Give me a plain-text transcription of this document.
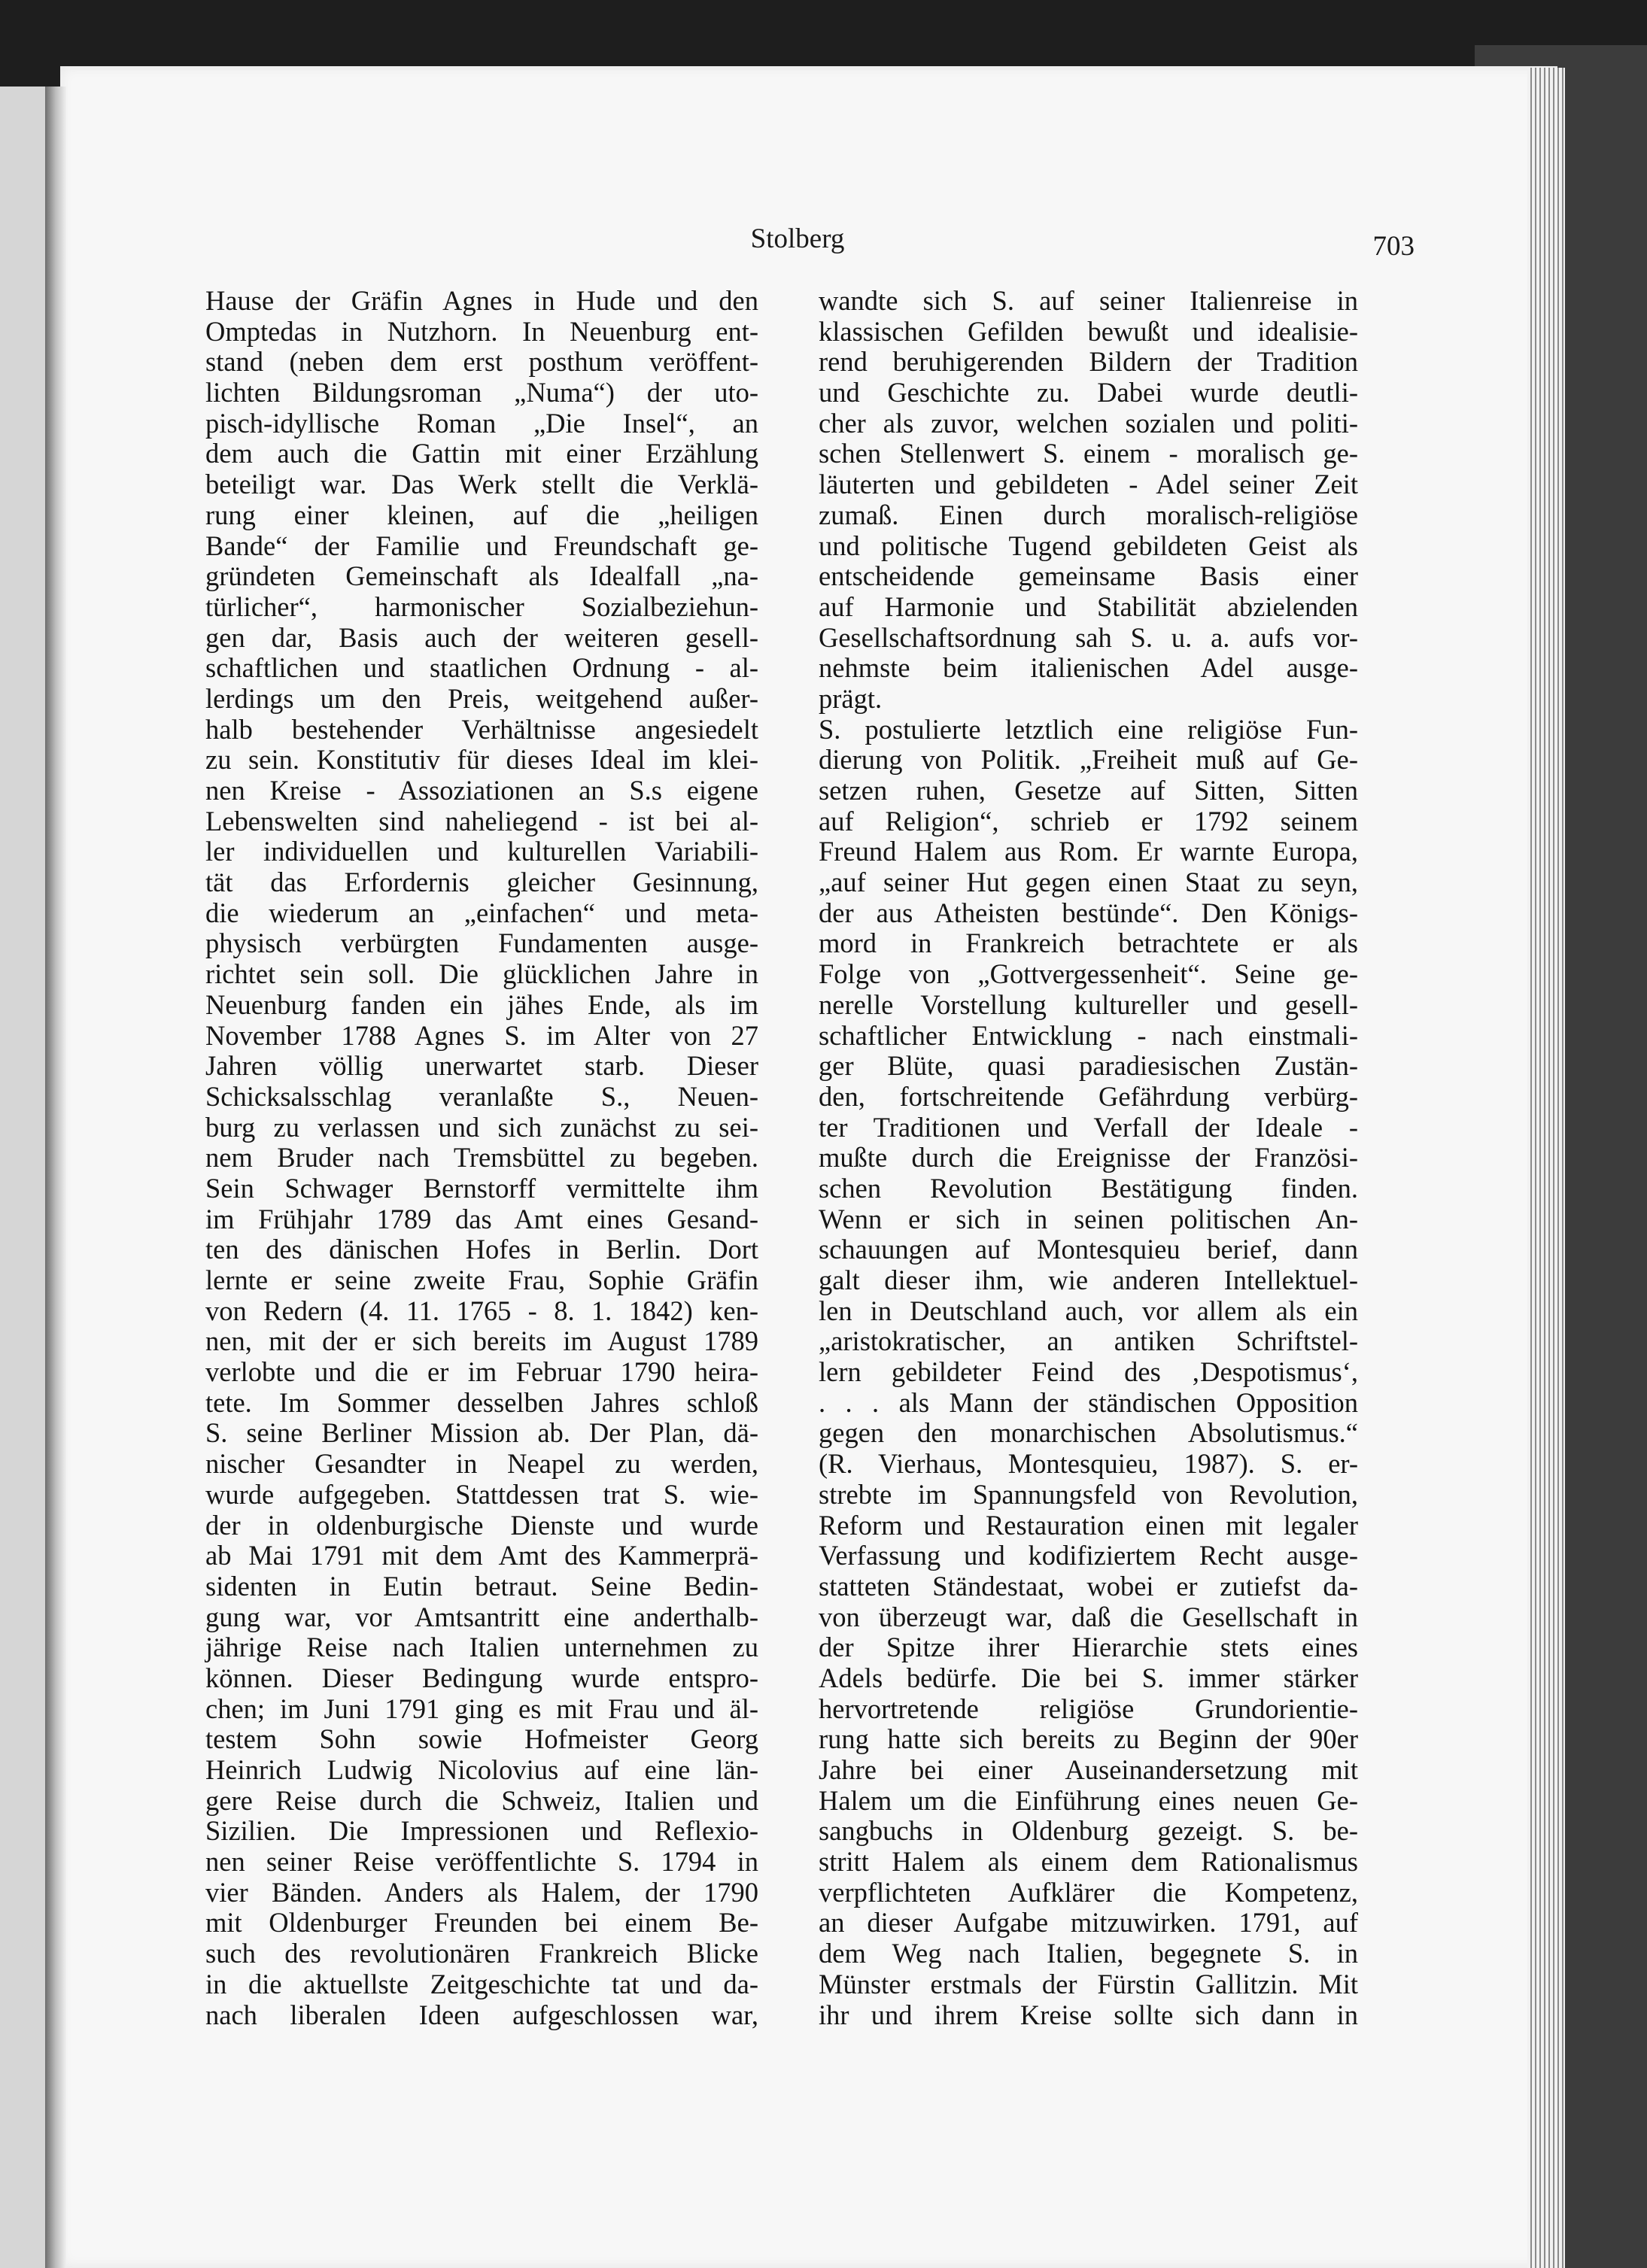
Stolberg	703
Hause der Gräfin Agnes in Hude und den
Omptedas in Nutzhorn. In Neuenburg ent-
stand (neben dem erst posthum veröffent-
lichten Bildungsroman „Numa“) der uto-
pisch-idyllische Roman „Die Insel“, an
dem auch die Gattin mit einer Erzählung
beteiligt war. Das Werk stellt die Verklä-
rung einer kleinen, auf die „heiligen
Bande“ der Familie und Freundschaft ge-
gründeten Gemeinschaft als Idealfall „na-
türlicher“, harmonischer Sozialbeziehun-
gen dar, Basis auch der weiteren gesell-
schaftlichen und staatlichen Ordnung - al-
lerdings um den Preis, weitgehend außer-
halb bestehender Verhältnisse angesiedelt
zu sein. Konstitutiv für dieses Ideal im klei-
nen Kreise - Assoziationen an S.s eigene
Lebenswelten sind naheliegend - ist bei al-
ler individuellen und kulturellen Variabili-
tät das Erfordernis gleicher Gesinnung,
die wiederum an „einfachen“ und meta-
physisch verbürgten Fundamenten ausge-
richtet sein soll. Die glücklichen Jahre in
Neuenburg fanden ein jähes Ende, als im
November 1788 Agnes S. im Alter von 27
Jahren völlig unerwartet starb. Dieser
Schicksalsschlag veranlaßte S., Neuen-
burg zu verlassen und sich zunächst zu sei-
nem Bruder nach Tremsbüttel zu begeben.
Sein Schwager Bernstorff vermittelte ihm
im Frühjahr 1789 das Amt eines Gesand-
ten des dänischen Hofes in Berlin. Dort
lernte er seine zweite Frau, Sophie Gräfin
von Redern (4. 11. 1765 - 8. 1. 1842) ken-
nen, mit der er sich bereits im August 1789
verlobte und die er im Februar 1790 heira-
tete. Im Sommer desselben Jahres schloß
S. seine Berliner Mission ab. Der Plan, dä-
nischer Gesandter in Neapel zu werden,
wurde aufgegeben. Stattdessen trat S. wie-
der in oldenburgische Dienste und wurde
ab Mai 1791 mit dem Amt des Kammerprä-
sidenten in Eutin betraut. Seine Bedin-
gung war, vor Amtsantritt eine anderthalb-
jährige Reise nach Italien unternehmen zu
können. Dieser Bedingung wurde entspro-
chen; im Juni 1791 ging es mit Frau und äl-
testem Sohn sowie Hofmeister Georg
Heinrich Ludwig Nicolovius auf eine län-
gere Reise durch die Schweiz, Italien und
Sizilien. Die Impressionen und Reflexio-
nen seiner Reise veröffentlichte S. 1794 in
vier Bänden. Anders als Halem, der 1790
mit Oldenburger Freunden bei einem Be-
such des revolutionären Frankreich Blicke
in die aktuellste Zeitgeschichte tat und da-
nach liberalen Ideen aufgeschlossen war,
wandte sich S. auf seiner Italienreise in
klassischen Gefilden bewußt und idealisie-
rend beruhigerenden Bildern der Tradition
und Geschichte zu. Dabei wurde deutli-
cher als zuvor, welchen sozialen und politi-
schen Stellenwert S. einem - moralisch ge-
läuterten und gebildeten - Adel seiner Zeit
zumaß. Einen durch moralisch-religiöse
und politische Tugend gebildeten Geist als
entscheidende gemeinsame Basis einer
auf Harmonie und Stabilität abzielenden
Gesellschaftsordnung sah S. u. a. aufs vor-
nehmste beim italienischen Adel ausge-
prägt.
S. postulierte letztlich eine religiöse Fun-
dierung von Politik. „Freiheit muß auf Ge-
setzen ruhen, Gesetze auf Sitten, Sitten
auf Religion“, schrieb er 1792 seinem
Freund Halem aus Rom. Er warnte Europa,
„auf seiner Hut gegen einen Staat zu seyn,
der aus Atheisten bestünde“. Den Königs-
mord in Frankreich betrachtete er als
Folge von „Gottvergessenheit“. Seine ge-
nerelle Vorstellung kultureller und gesell-
schaftlicher Entwicklung - nach einstmali-
ger Blüte, quasi paradiesischen Zustän-
den, fortschreitende Gefährdung verbürg-
ter Traditionen und Verfall der Ideale -
mußte durch die Ereignisse der Französi-
schen Revolution Bestätigung finden.
Wenn er sich in seinen politischen An-
schauungen auf Montesquieu berief, dann
galt dieser ihm, wie anderen Intellektuel-
len in Deutschland auch, vor allem als ein
„aristokratischer, an antiken Schriftstel-
lern gebildeter Feind des ‚Despotismus‘,
. . . als Mann der ständischen Opposition
gegen den monarchischen Absolutismus.“
(R. Vierhaus, Montesquieu, 1987). S. er-
strebte im Spannungsfeld von Revolution,
Reform und Restauration einen mit legaler
Verfassung und kodifiziertem Recht ausge-
statteten Ständestaat, wobei er zutiefst da-
von überzeugt war, daß die Gesellschaft in
der Spitze ihrer Hierarchie stets eines
Adels bedürfe. Die bei S. immer stärker
hervortretende religiöse Grundorientie-
rung hatte sich bereits zu Beginn der 90er
Jahre bei einer Auseinandersetzung mit
Halem um die Einführung eines neuen Ge-
sangbuchs in Oldenburg gezeigt. S. be-
stritt Halem als einem dem Rationalismus
verpflichteten Aufklärer die Kompetenz,
an dieser Aufgabe mitzuwirken. 1791, auf
dem Weg nach Italien, begegnete S. in
Münster erstmals der Fürstin Gallitzin. Mit
ihr und ihrem Kreise sollte sich dann in
